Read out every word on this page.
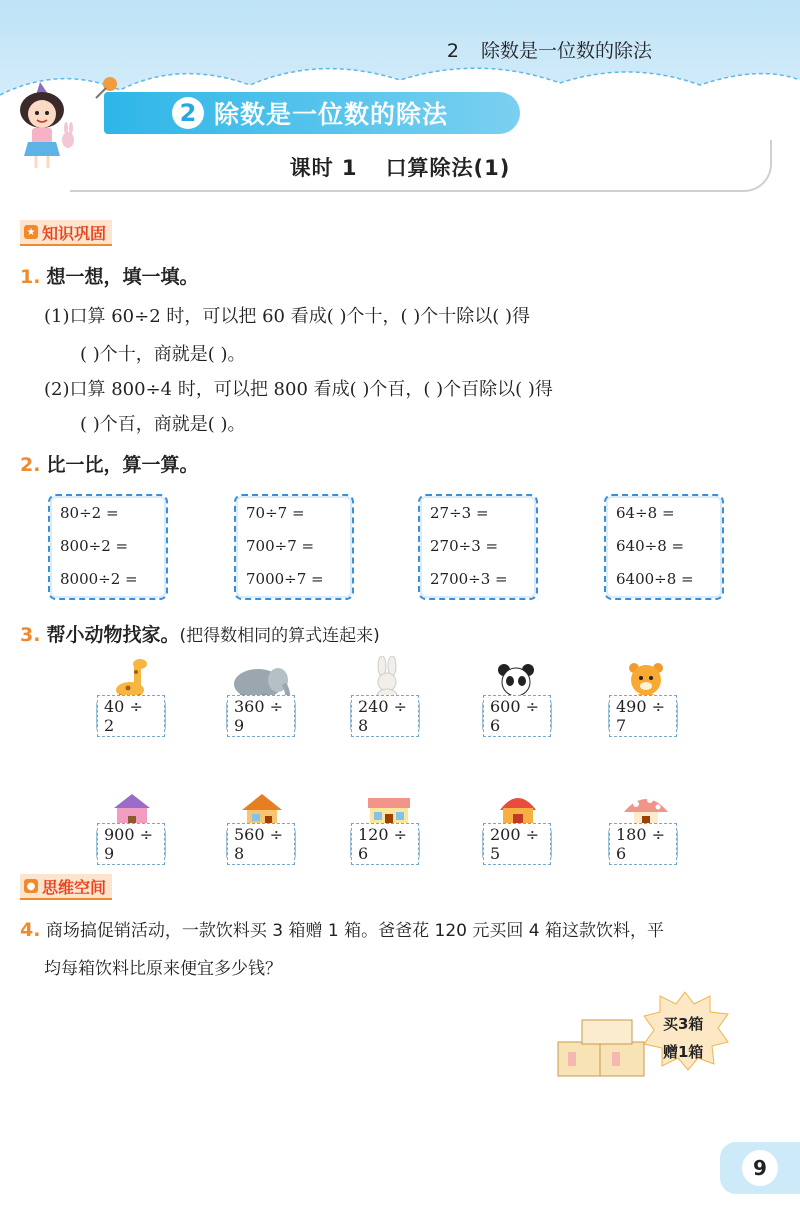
2 除数是一位数的除法
2 除数是一位数的除法
课时 1 口算除法(1)
★ 知识巩固
1. 想一想，填一填。
(1)口算 60÷2 时，可以把 60 看成( )个十，( )个十除以( )得
( )个十，商就是( )。
(2)口算 800÷4 时，可以把 800 看成( )个百，( )个百除以( )得
( )个百，商就是( )。
2. 比一比，算一算。
80÷2 =
800÷2 =
8000÷2 =
70÷7 =
700÷7 =
7000÷7 =
27÷3 =
270÷3 =
2700÷3 =
64÷8 =
640÷8 =
6400÷8 =
3. 帮小动物找家。(把得数相同的算式连起来)
40 ÷ 2
360 ÷ 9
240 ÷ 8
600 ÷ 6
490 ÷ 7
900 ÷ 9
560 ÷ 8
120 ÷ 6
200 ÷ 5
180 ÷ 6
● 思维空间
4. 商场搞促销活动，一款饮料买 3 箱赠 1 箱。爸爸花 120 元买回 4 箱这款饮料，平
均每箱饮料比原来便宜多少钱？
买3箱
赠1箱
9
